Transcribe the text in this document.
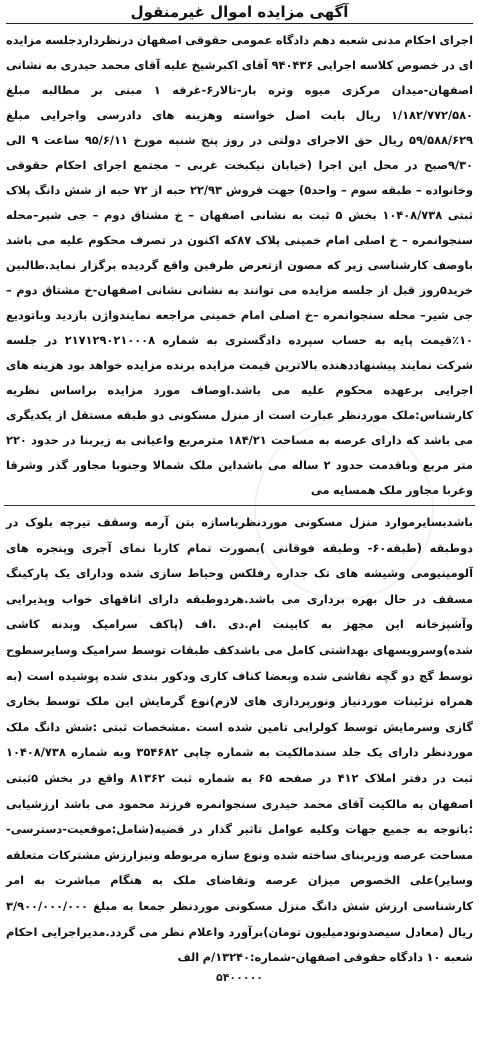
آگهی مزایده اموال غیرمنقول

اجرای احکام مدنی شعبه دهم دادگاه عمومی حقوقی اصفهان درنظرداردجلسه مزایده ای در خصوص کلاسه اجرایی ۹۴۰۴۳۶ آقای اکبرشیخ علیه آقای محمد حیدری به نشانی اصفهان-میدان مرکزی میوه وتره بار-تالار۶-غرفه ۱ مبنی بر مطالبه مبلغ ۱/۱۸۲/۷۷۲/۵۸۰ ریال بابت اصل خواسته وهزینه های دادرسی واجرایی مبلغ ۵۹/۵۸۸/۶۲۹ ریال حق الاجرای دولتی در روز پنج شنبه مورخ ۹۵/۶/۱۱ ساعت ۹ الی ۹/۳۰صبح در محل این اجرا (خیابان نیکبخت غربی – مجتمع اجرای احکام حقوقی وخانواده – طبقه سوم – واحد۵) جهت فروش ۲۲/۹۳ حبه از ۷۲ حبه از شش دانگ پلاک ثبتی ۱۰۴۰۸/۷۳۸ بخش ۵ ثبت به نشانی اصفهان – خ مشتاق دوم – جی شیر–محله سنجوانمره – خ اصلی امام خمینی پلاک ۸۷که اکنون در تصرف محکوم علیه می باشد باوصف کارشناسی زیر که مصون ازتعرض طرفین واقع گردیده برگزار نماید.طالبین خرید۵روز قبل از جلسه مزایده می توانند به نشانی نشانی اصفهان-خ مشتاق دوم – جی شیر– محله سنجوانمره –خ اصلی امام خمینی مراجعه نمایندواژن بازدید وباتودیع ۱۰٪قیمت پایه به حساب سپرده دادگستری به شماره ۲۱۷۱۲۹۰۲۱۰۰۰۸ در جلسه شرکت نمایند پیشنهاددهنده بالاترین قیمت مزایده برنده مزایده خواهد بود هزینه های اجرایی برعهده محکوم علیه می باشد.اوصاف مورد مزایده براساس نظریه کارشناس:ملک موردنظر عبارت است از منزل مسکونی دو طبقه مستقل از یکدیگری می باشد که دارای عرصه به مساحت ۱۸۴/۲۱ مترمربع واعیانی به زیربنا در حدود ۲۲۰ متر مربع وباقدمت حدود ۲ ساله می باشداین ملک شمالا وجنوبا مجاور گذر وشرقا وغربا مجاور ملک همسایه می

باشدبسایرموارد منزل مسکونی موردنظرباسازه بتن آرمه وسقف تیرچه بلوک در دوطبقه (طبقه۶۰- وطبقه فوقانی )بصورت تمام کاربا نمای آجری وپنجره های آلومینیومی وشیشه های تک جداره رفلکس وحیاط سازی شده ودارای یک پارکینگ مسقف در حال بهره برداری می باشد.هردوطبقه دارای اتاقهای خواب وپذیرایی وآشپزخانه این مجهز به کابینت ام.دی .اف (پاکف سرامیک وبدنه کاشی شده)وسرویسهای بهداشتی کامل می باشدکف طبقات توسط سرامیک وسایرسطوح توسط گچ دو گچه نقاشی شده وبعضا کناف کاری ودکور بندی شده پوشیده است (به همراه تزئینات موردنیاز ونورپردازی های لازم)نوع گرمایش این ملک توسط بخاری گازی وسرمایش توسط کولرابی تامین شده است .مشخصات ثبتی :شش دانگ ملک موردنظر دارای یک جلد سندمالکیت به شماره چاپی ۳۵۴۶۸۲ وبه شماره ۱۰۴۰۸/۷۳۸ ثبت در دفتر املاک ۴۱۲ در صفحه ۶۵ به شماره ثبت ۸۱۳۶۲ واقع در بخش ۵ثبتی اصفهان به مالکیت آقای محمد حیدری سنجوانمره فرزند محمود می باشد ارزشیابی :باتوجه به جمیع جهات وکلیه عوامل تاثیر گذار در قضیه(شامل:موقعیت-دسترسی-مساحت عرصه وزیربنای ساخته شده ونوع سازه مربوطه ونیزارزش مشترکات متعلقه وسایر)علی الخصوص میزان عرصه وتقاضای ملک به هنگام مباشرت به امر کارشناسی ارزش شش دانگ منزل مسکونی موردنظر جمعا به مبلغ ۳/۹۰۰/۰۰۰/۰۰۰ ریال (معادل سیصدونودمیلیون تومان)برآورد واعلام نظر می گردد.مدیراجرایی احکام شعبه ۱۰ دادگاه حقوقی اصفهان-شماره:۱۳۲۴۰/م الف

۵۴۰۰۰۰۰
